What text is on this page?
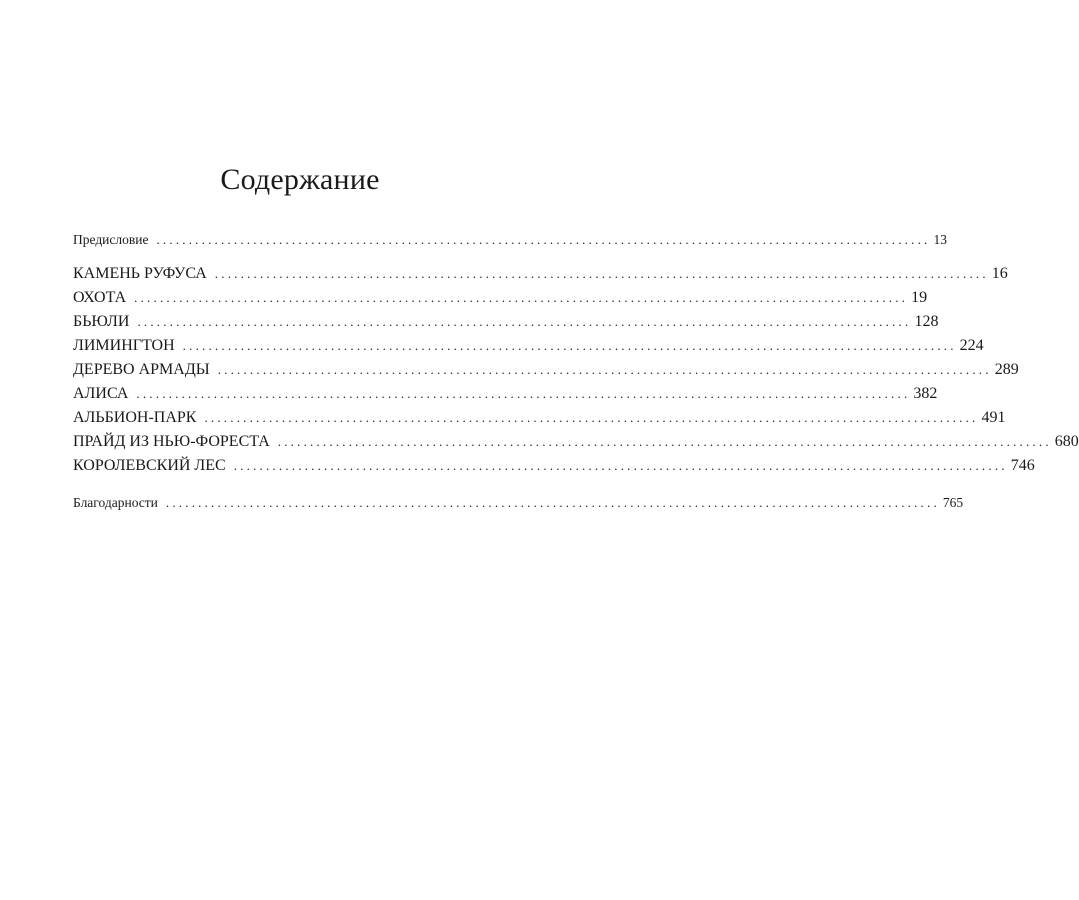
Содержание
Предисловие ........................................................................................................................ 13
КАМЕНЬ РУФУСА ........................................................................................................................ 16
ОХОТА ........................................................................................................................ 19
БЬЮЛИ ........................................................................................................................ 128
ЛИМИНГТОН ........................................................................................................................ 224
ДЕРЕВО АРМАДЫ ........................................................................................................................ 289
АЛИСА ........................................................................................................................ 382
АЛЬБИОН-ПАРК ........................................................................................................................ 491
ПРАЙД ИЗ НЬЮ-ФОРЕСТА ........................................................................................................................ 680
КОРОЛЕВСКИЙ ЛЕС ........................................................................................................................ 746
Благодарности ........................................................................................................................ 765
